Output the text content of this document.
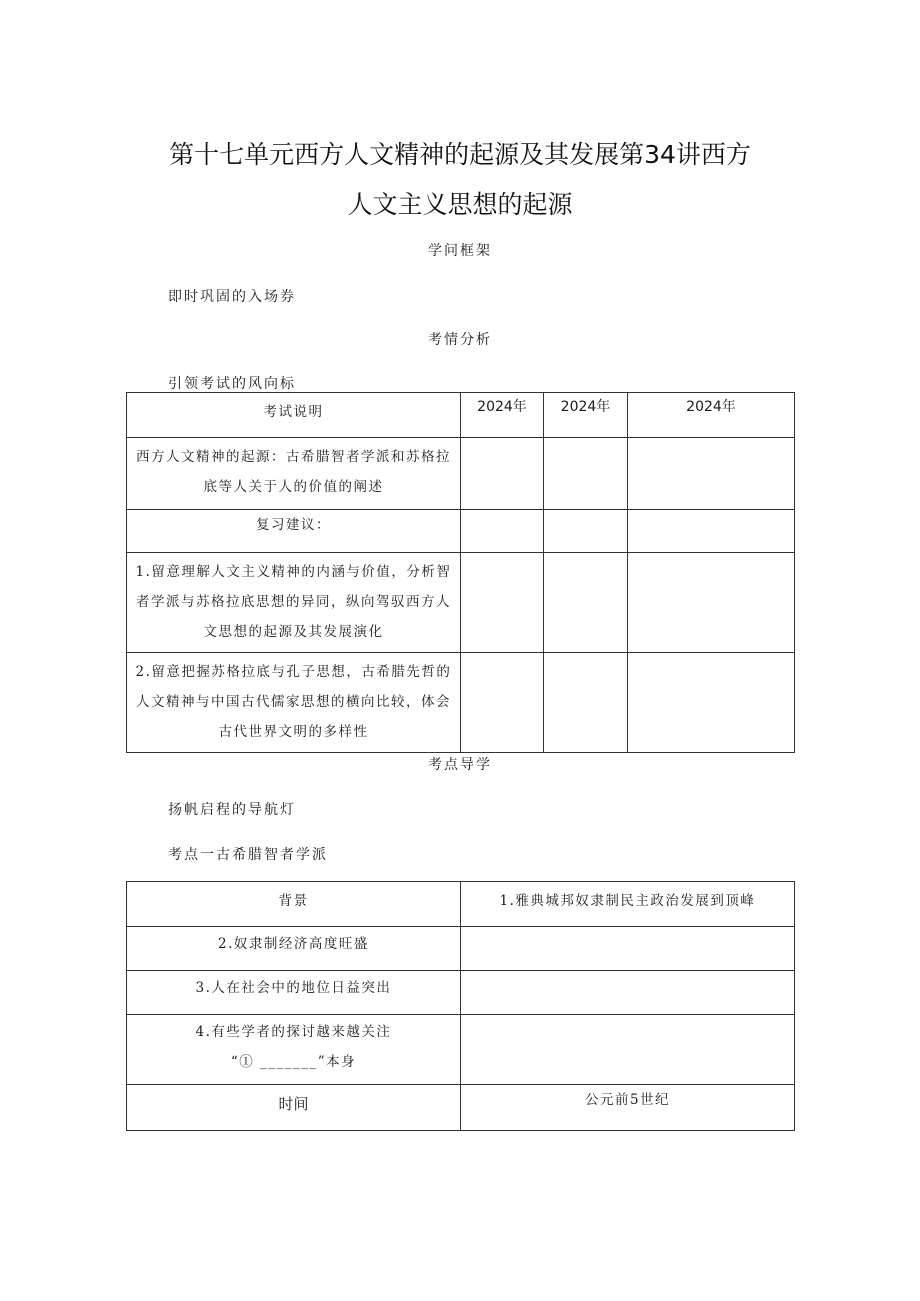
第十七单元西方人文精神的起源及其发展第34讲西方
人文主义思想的起源
学问框架
即时巩固的入场券
考情分析
引领考试的风向标
考试说明	2024年	2024年	2024年
西方人文精神的起源：古希腊智者学派和苏格拉底等人关于人的价值的阐述			
复习建议：			
1.留意理解人文主义精神的内涵与价值，分析智者学派与苏格拉底思想的异同，纵向驾驭西方人文思想的起源及其发展演化			
2.留意把握苏格拉底与孔子思想，古希腊先哲的人文精神与中国古代儒家思想的横向比较，体会古代世界文明的多样性			
考点导学
扬帆启程的导航灯
考点一古希腊智者学派
背景	1.雅典城邦奴隶制民主政治发展到顶峰
2.奴隶制经济高度旺盛	
3.人在社会中的地位日益突出	

4.有些学者的探讨越来越关注
“① _______”本身	

时间	公元前5世纪
